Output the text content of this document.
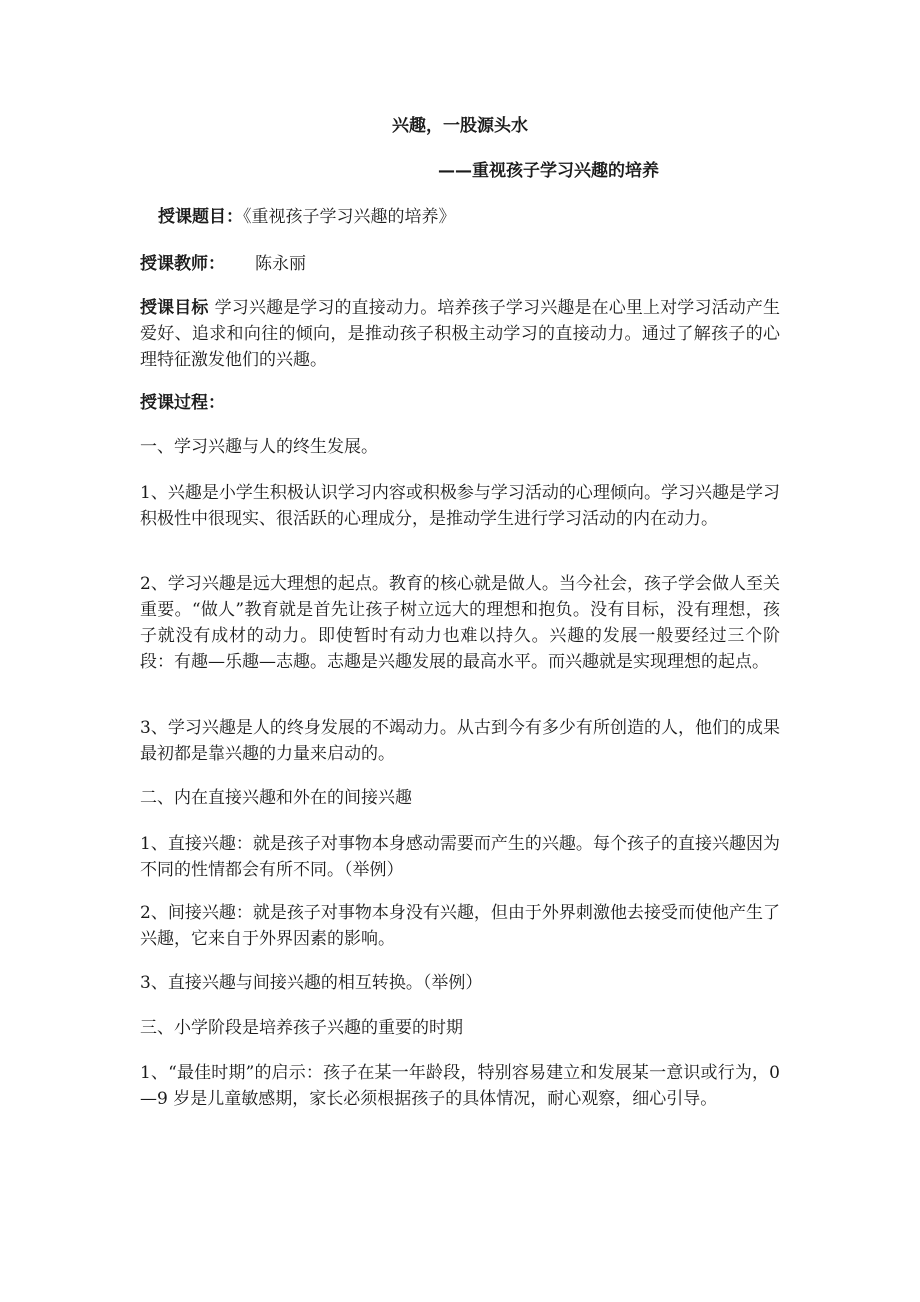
兴趣，一股源头水
——重视孩子学习兴趣的培养

授课题目：《重视孩子学习兴趣的培养》

授课教师： 陈永丽

授课目标 学习兴趣是学习的直接动力。培养孩子学习兴趣是在心里上对学习活动产生爱好、追求和向往的倾向，是推动孩子积极主动学习的直接动力。通过了解孩子的心理特征激发他们的兴趣。

授课过程：

一、学习兴趣与人的终生发展。

1、兴趣是小学生积极认识学习内容或积极参与学习活动的心理倾向。学习兴趣是学习积极性中很现实、很活跃的心理成分，是推动学生进行学习活动的内在动力。

2、学习兴趣是远大理想的起点。教育的核心就是做人。当今社会，孩子学会做人至关重要。“做人”教育就是首先让孩子树立远大的理想和抱负。没有目标，没有理想，孩子就没有成材的动力。即使暂时有动力也难以持久。兴趣的发展一般要经过三个阶段：有趣—乐趣—志趣。志趣是兴趣发展的最高水平。而兴趣就是实现理想的起点。

3、学习兴趣是人的终身发展的不竭动力。从古到今有多少有所创造的人，他们的成果最初都是靠兴趣的力量来启动的。

二、内在直接兴趣和外在的间接兴趣

1、直接兴趣：就是孩子对事物本身感动需要而产生的兴趣。每个孩子的直接兴趣因为不同的性情都会有所不同。（举例）

2、间接兴趣：就是孩子对事物本身没有兴趣，但由于外界刺激他去接受而使他产生了兴趣，它来自于外界因素的影响。

3、直接兴趣与间接兴趣的相互转换。（举例）

三、小学阶段是培养孩子兴趣的重要的时期

1、“最佳时期”的启示：孩子在某一年龄段，特别容易建立和发展某一意识或行为，0—9 岁是儿童敏感期，家长必须根据孩子的具体情况，耐心观察，细心引导。
